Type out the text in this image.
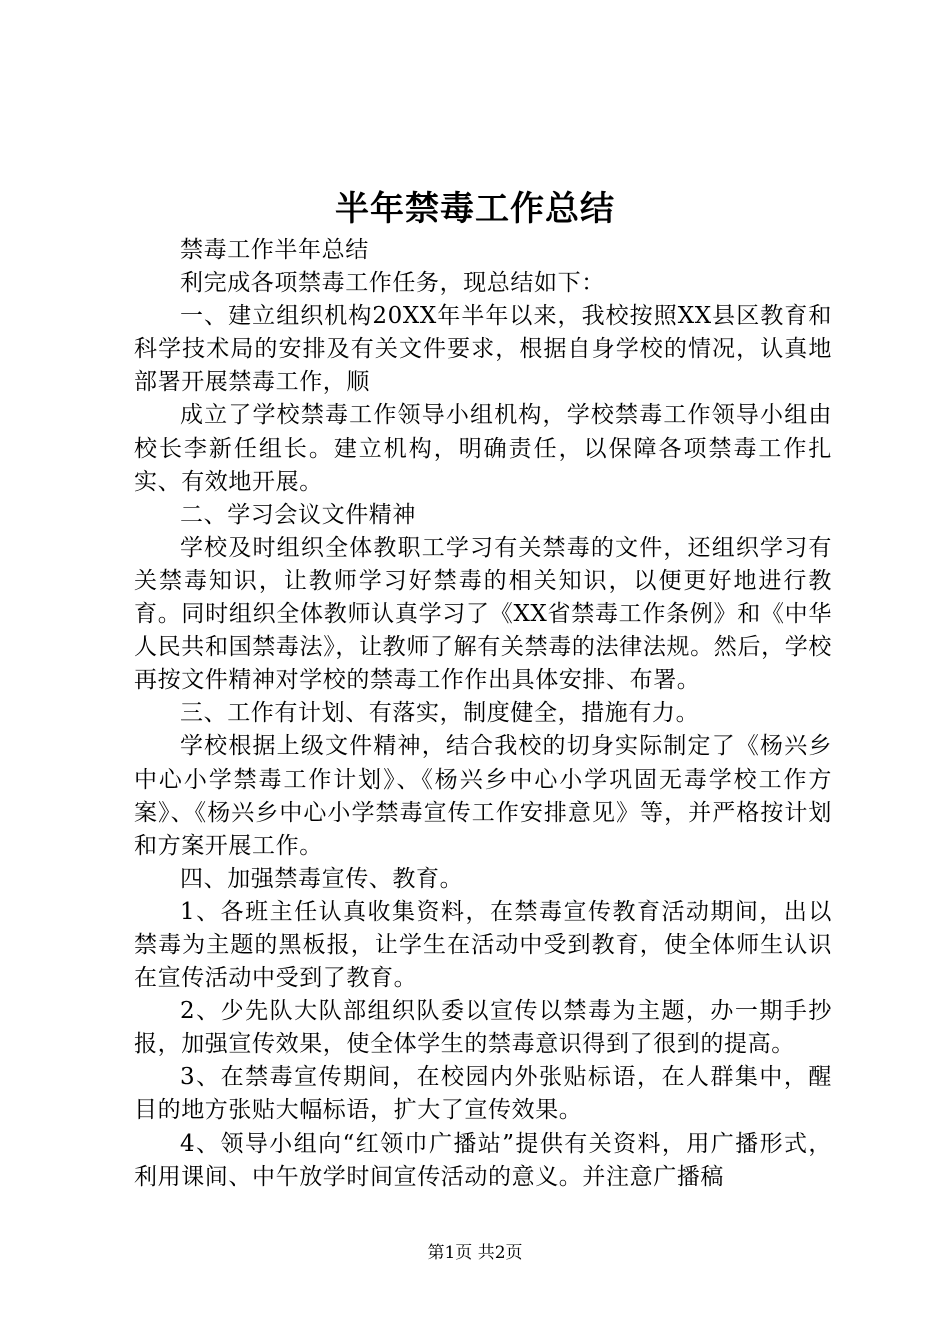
半年禁毒工作总结

禁毒工作半年总结

利完成各项禁毒工作任务，现总结如下：

一、建立组织机构20XX年半年以来，我校按照XX县区教育和科学技术局的安排及有关文件要求，根据自身学校的情况，认真地部署开展禁毒工作，顺

成立了学校禁毒工作领导小组机构，学校禁毒工作领导小组由校长李新任组长。建立机构，明确责任，以保障各项禁毒工作扎实、有效地开展。

二、学习会议文件精神

学校及时组织全体教职工学习有关禁毒的文件，还组织学习有关禁毒知识，让教师学习好禁毒的相关知识，以便更好地进行教育。同时组织全体教师认真学习了《XX省禁毒工作条例》和《中华人民共和国禁毒法》，让教师了解有关禁毒的法律法规。然后，学校再按文件精神对学校的禁毒工作作出具体安排、布署。

三、工作有计划、有落实，制度健全，措施有力。

学校根据上级文件精神，结合我校的切身实际制定了《杨兴乡中心小学禁毒工作计划》、《杨兴乡中心小学巩固无毒学校工作方案》、《杨兴乡中心小学禁毒宣传工作安排意见》等，并严格按计划和方案开展工作。

四、加强禁毒宣传、教育。

1、各班主任认真收集资料，在禁毒宣传教育活动期间，出以禁毒为主题的黑板报，让学生在活动中受到教育，使全体师生认识在宣传活动中受到了教育。

2、少先队大队部组织队委以宣传以禁毒为主题，办一期手抄报，加强宣传效果，使全体学生的禁毒意识得到了很到的提高。

3、在禁毒宣传期间，在校园内外张贴标语，在人群集中，醒目的地方张贴大幅标语，扩大了宣传效果。

4、领导小组向“红领巾广播站”提供有关资料，用广播形式，利用课间、中午放学时间宣传活动的意义。并注意广播稿

第1页 共2页
